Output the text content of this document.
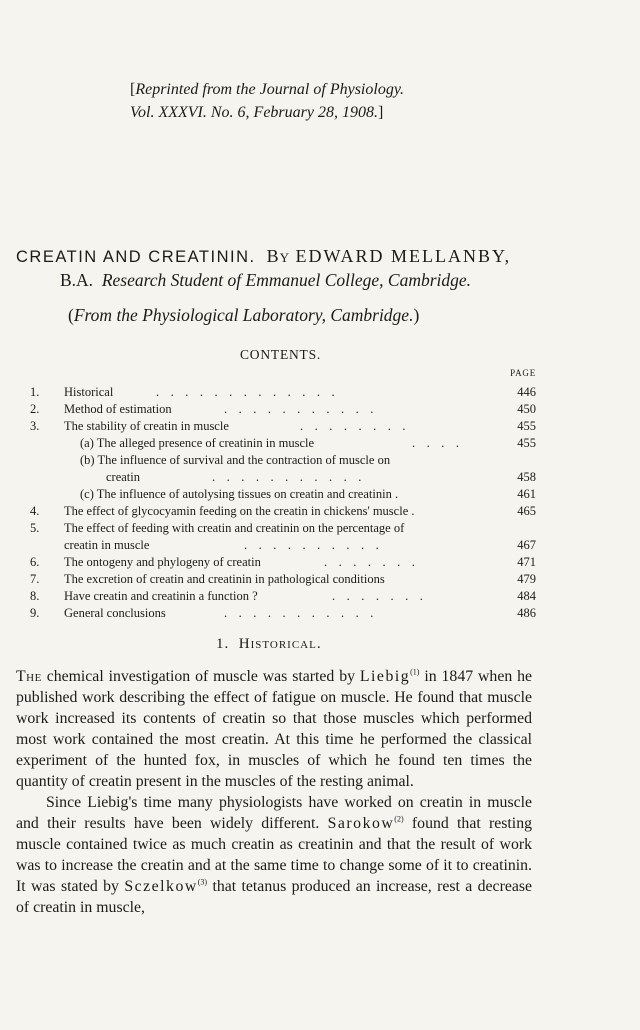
[Reprinted from the Journal of Physiology.
Vol. XXXVI. No. 6, February 28, 1908.]
CREATIN AND CREATININ. By EDWARD MELLANBY,
B.A. Research Student of Emmanuel College, Cambridge.
(From the Physiological Laboratory, Cambridge.)
CONTENTS.
PAGE
1.	Historical	.............	446
2.	Method of estimation	...........	450
3.	The stability of creatin in muscle	........	455
(a) The alleged presence of creatinin in muscle	....	455
(b) The influence of survival and the contraction of muscle on
creatin	...........	458
(c) The influence of autolysing tissues on creatin and creatinin .	461
4.	The effect of glycocyamin feeding on the creatin in chickens' muscle .	465
5.	The effect of feeding with creatin and creatinin on the percentage of
creatin in muscle	..........	467
6.	The ontogeny and phylogeny of creatin	.......	471
7.	The excretion of creatin and creatinin in pathological conditions	479
8.	Have creatin and creatinin a function ?	.......	484
9.	General conclusions	...........	486
1. Historical.

The chemical investigation of muscle was started by Liebig$^{(1)}$ in 1847 when he published work describing the effect of fatigue on muscle. He found that muscle work increased its contents of creatin so that those muscles which performed most work contained the most creatin. At this time he performed the classical experiment of the hunted fox, in muscles of which he found ten times the quantity of creatin present in the muscles of the resting animal.

Since Liebig's time many physiologists have worked on creatin in muscle and their results have been widely different. Sarokow$^{(2)}$ found that resting muscle contained twice as much creatin as creatinin and that the result of work was to increase the creatin and at the same time to change some of it to creatinin. It was stated by Sczelkow$^{(3)}$ that tetanus produced an increase, rest a decrease of creatin in muscle,
